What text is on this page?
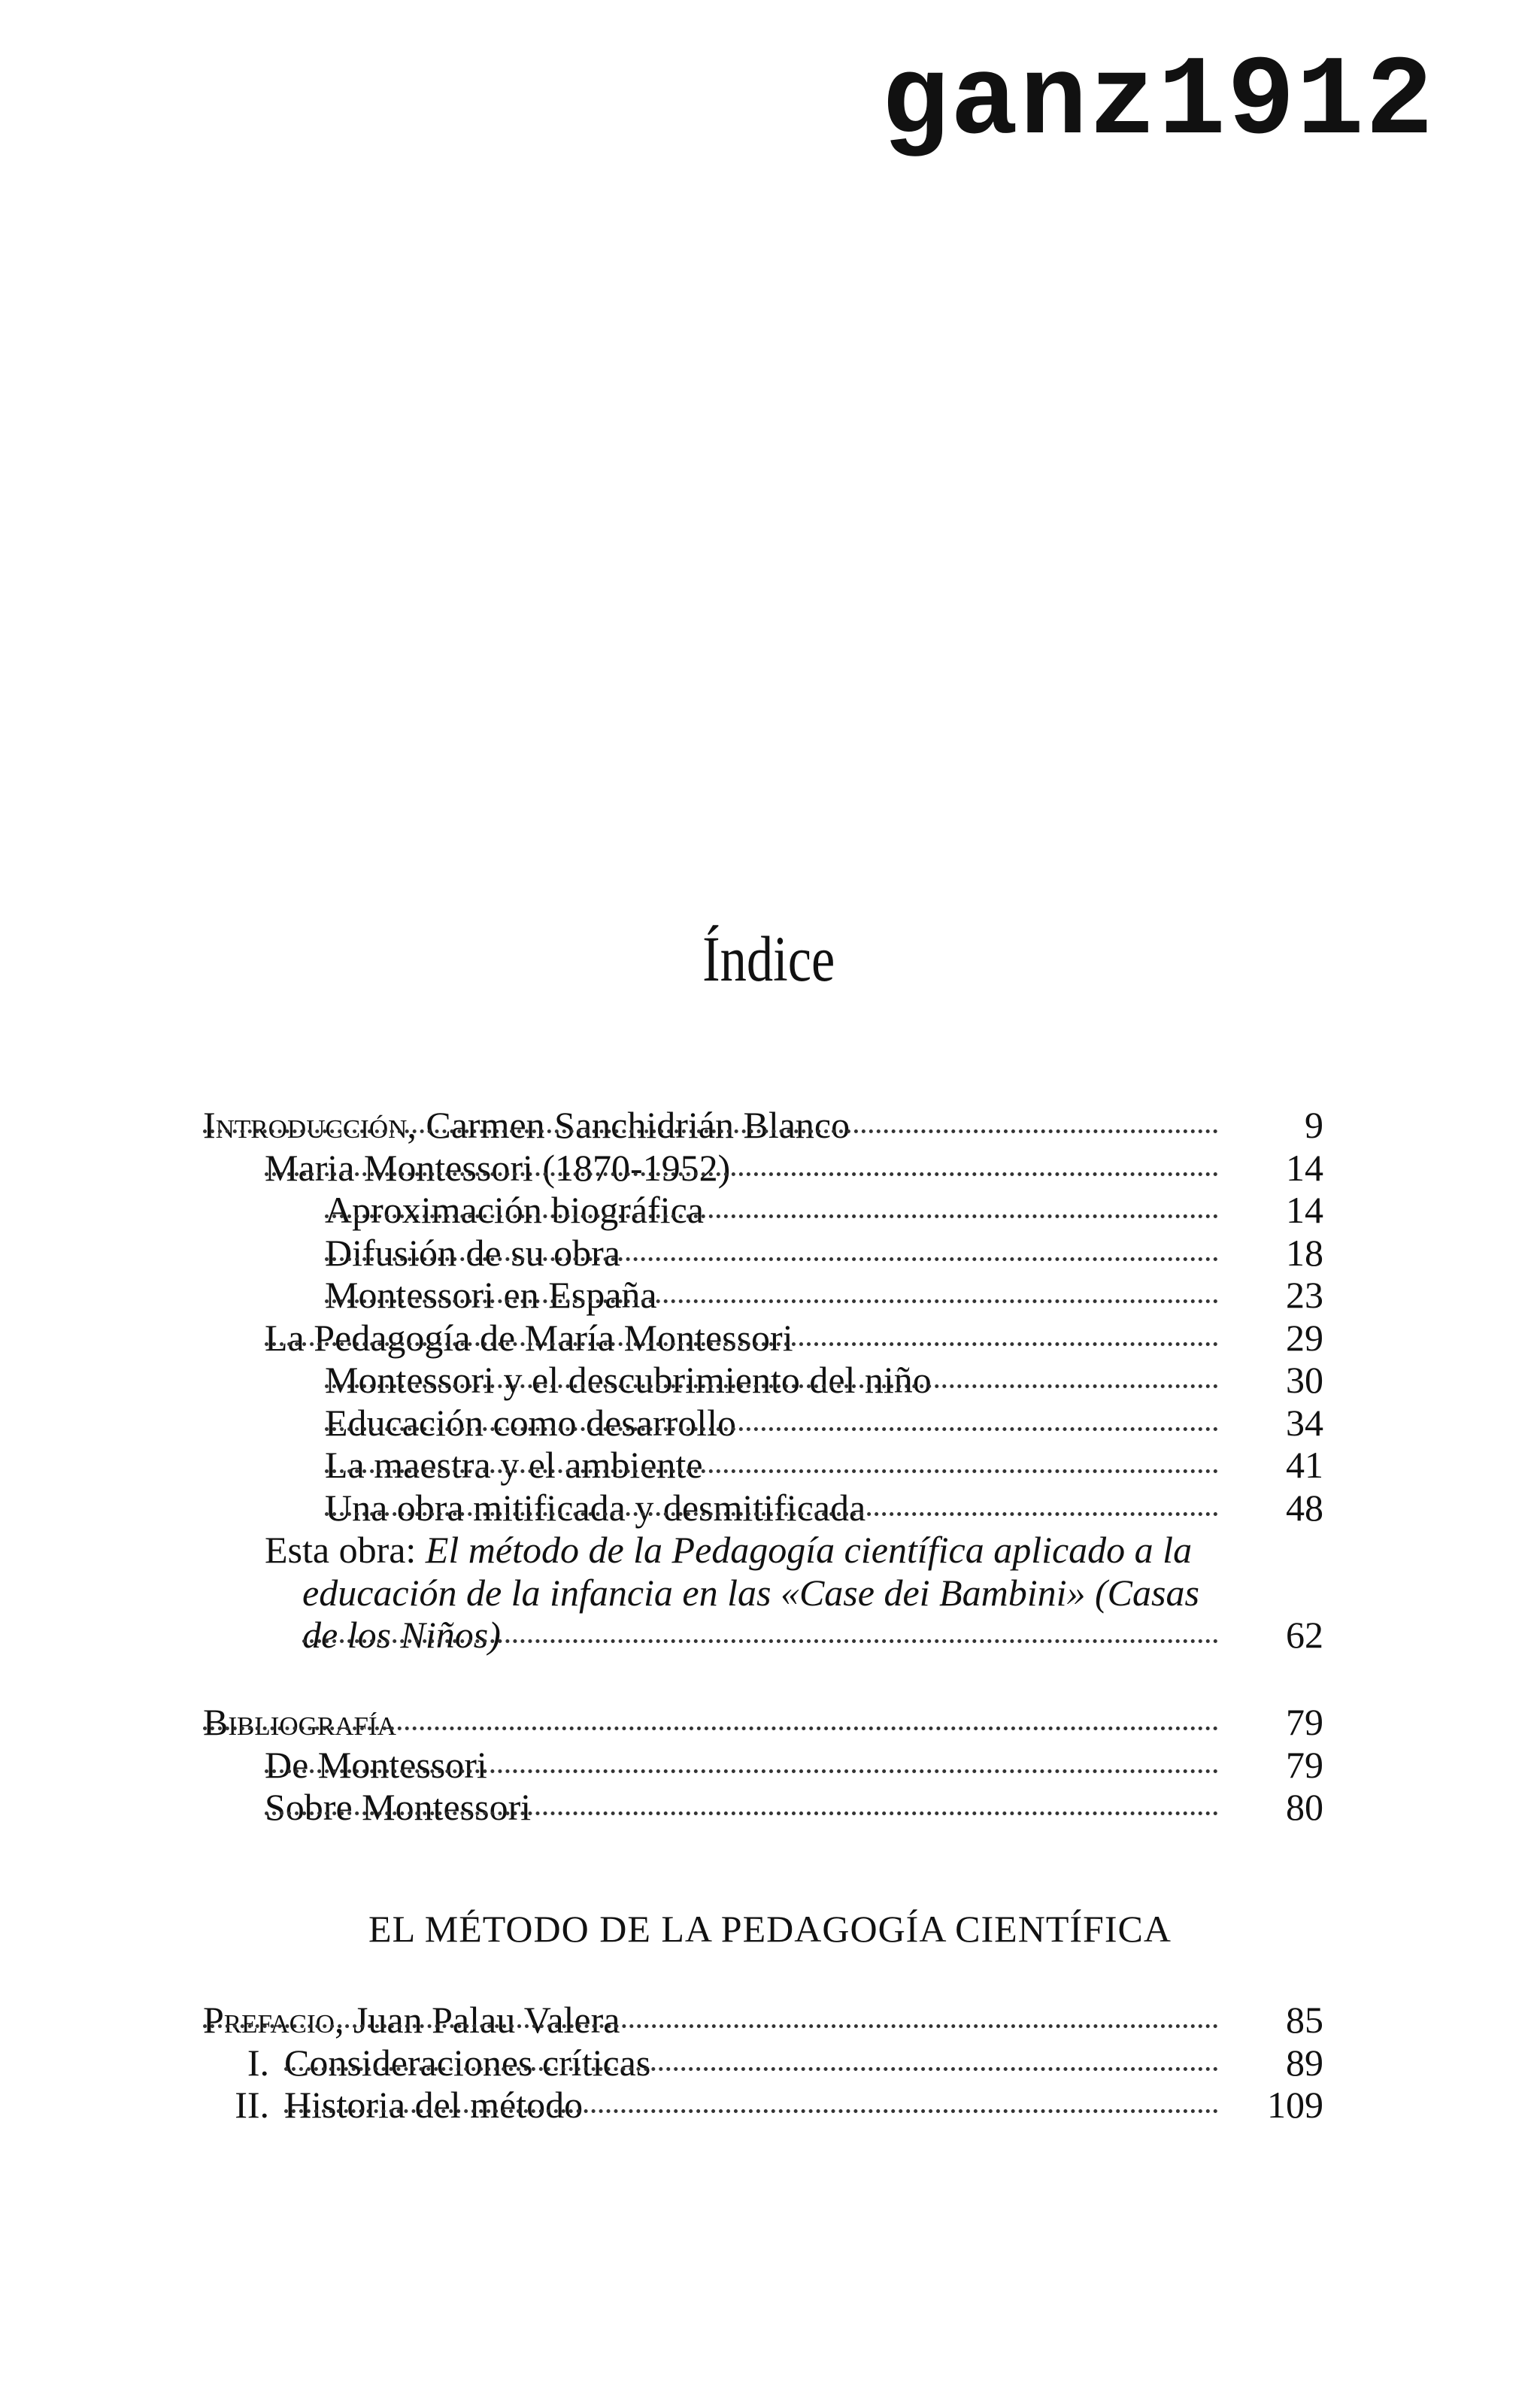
ganz1912
Índice
Introducción, Carmen Sanchidrián Blanco	9
Maria Montessori (1870-1952)	14
Aproximación biográfica	14
Difusión de su obra	18
Montessori en España	23
La Pedagogía de María Montessori	29
Montessori y el descubrimiento del niño	30
Educación como desarrollo	34
La maestra y el ambiente	41
Una obra mitificada y desmitificada	48
Esta obra: El método de la Pedagogía científica aplicado a la
educación de la infancia en las «Case dei Bambini» (Casas
de los Niños)	62
Bibliografía	79
De Montessori	79
Sobre Montessori	80
EL MÉTODO DE LA PEDAGOGÍA CIENTÍFICA
Prefacio, Juan Palau Valera	85
I. Consideraciones críticas	89
II. Historia del método	109
